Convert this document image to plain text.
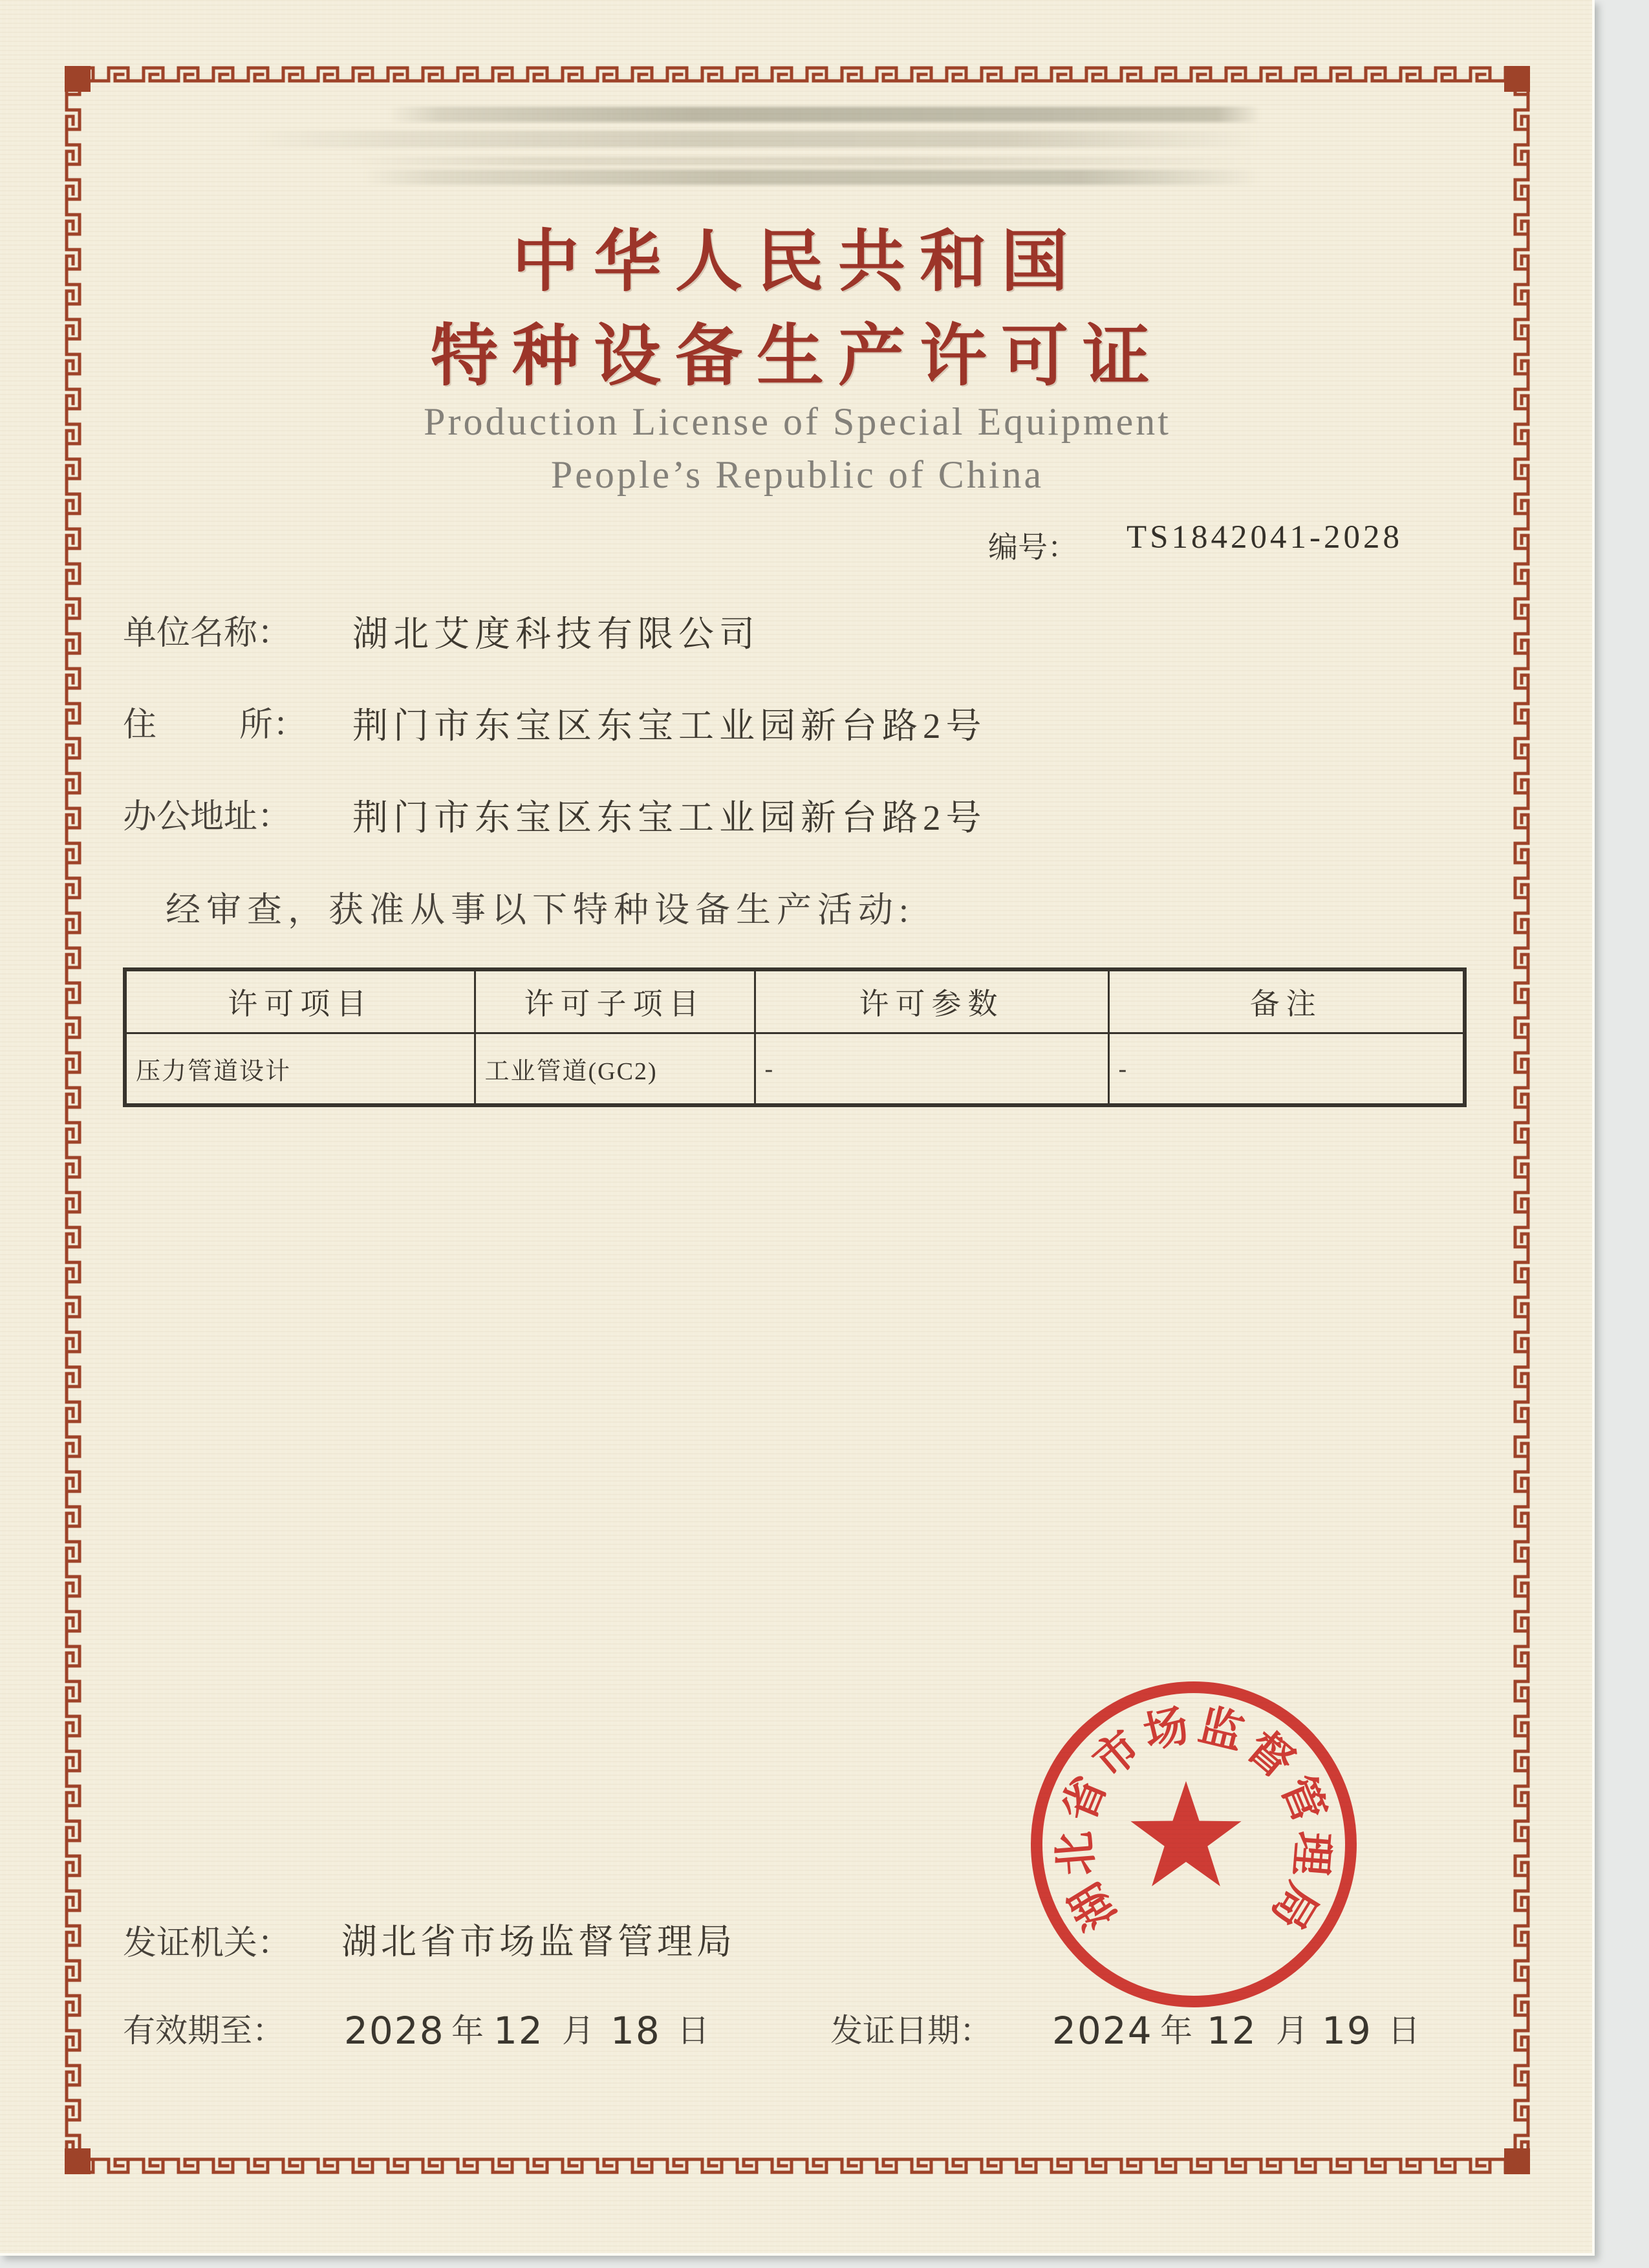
中华人民共和国
特种设备生产许可证
Production License of Special Equipment
People’s Republic of China
编号： TS1842041-2028
单位名称： 湖北艾度科技有限公司
住 所： 荆门市东宝区东宝工业园新台路2号
办公地址： 荆门市东宝区东宝工业园新台路2号
经审查，获准从事以下特种设备生产活动:
许可项目	许可子项目	许可参数	备注
压力管道设计	工业管道(GC2)	-	-
湖
北
省
市
场 监
督
管
理
局
发证机关： 湖北省市场监督管理局
有效期至： 2028 年 12 月 18 日	发证日期： 2024 年 12 月 19 日
